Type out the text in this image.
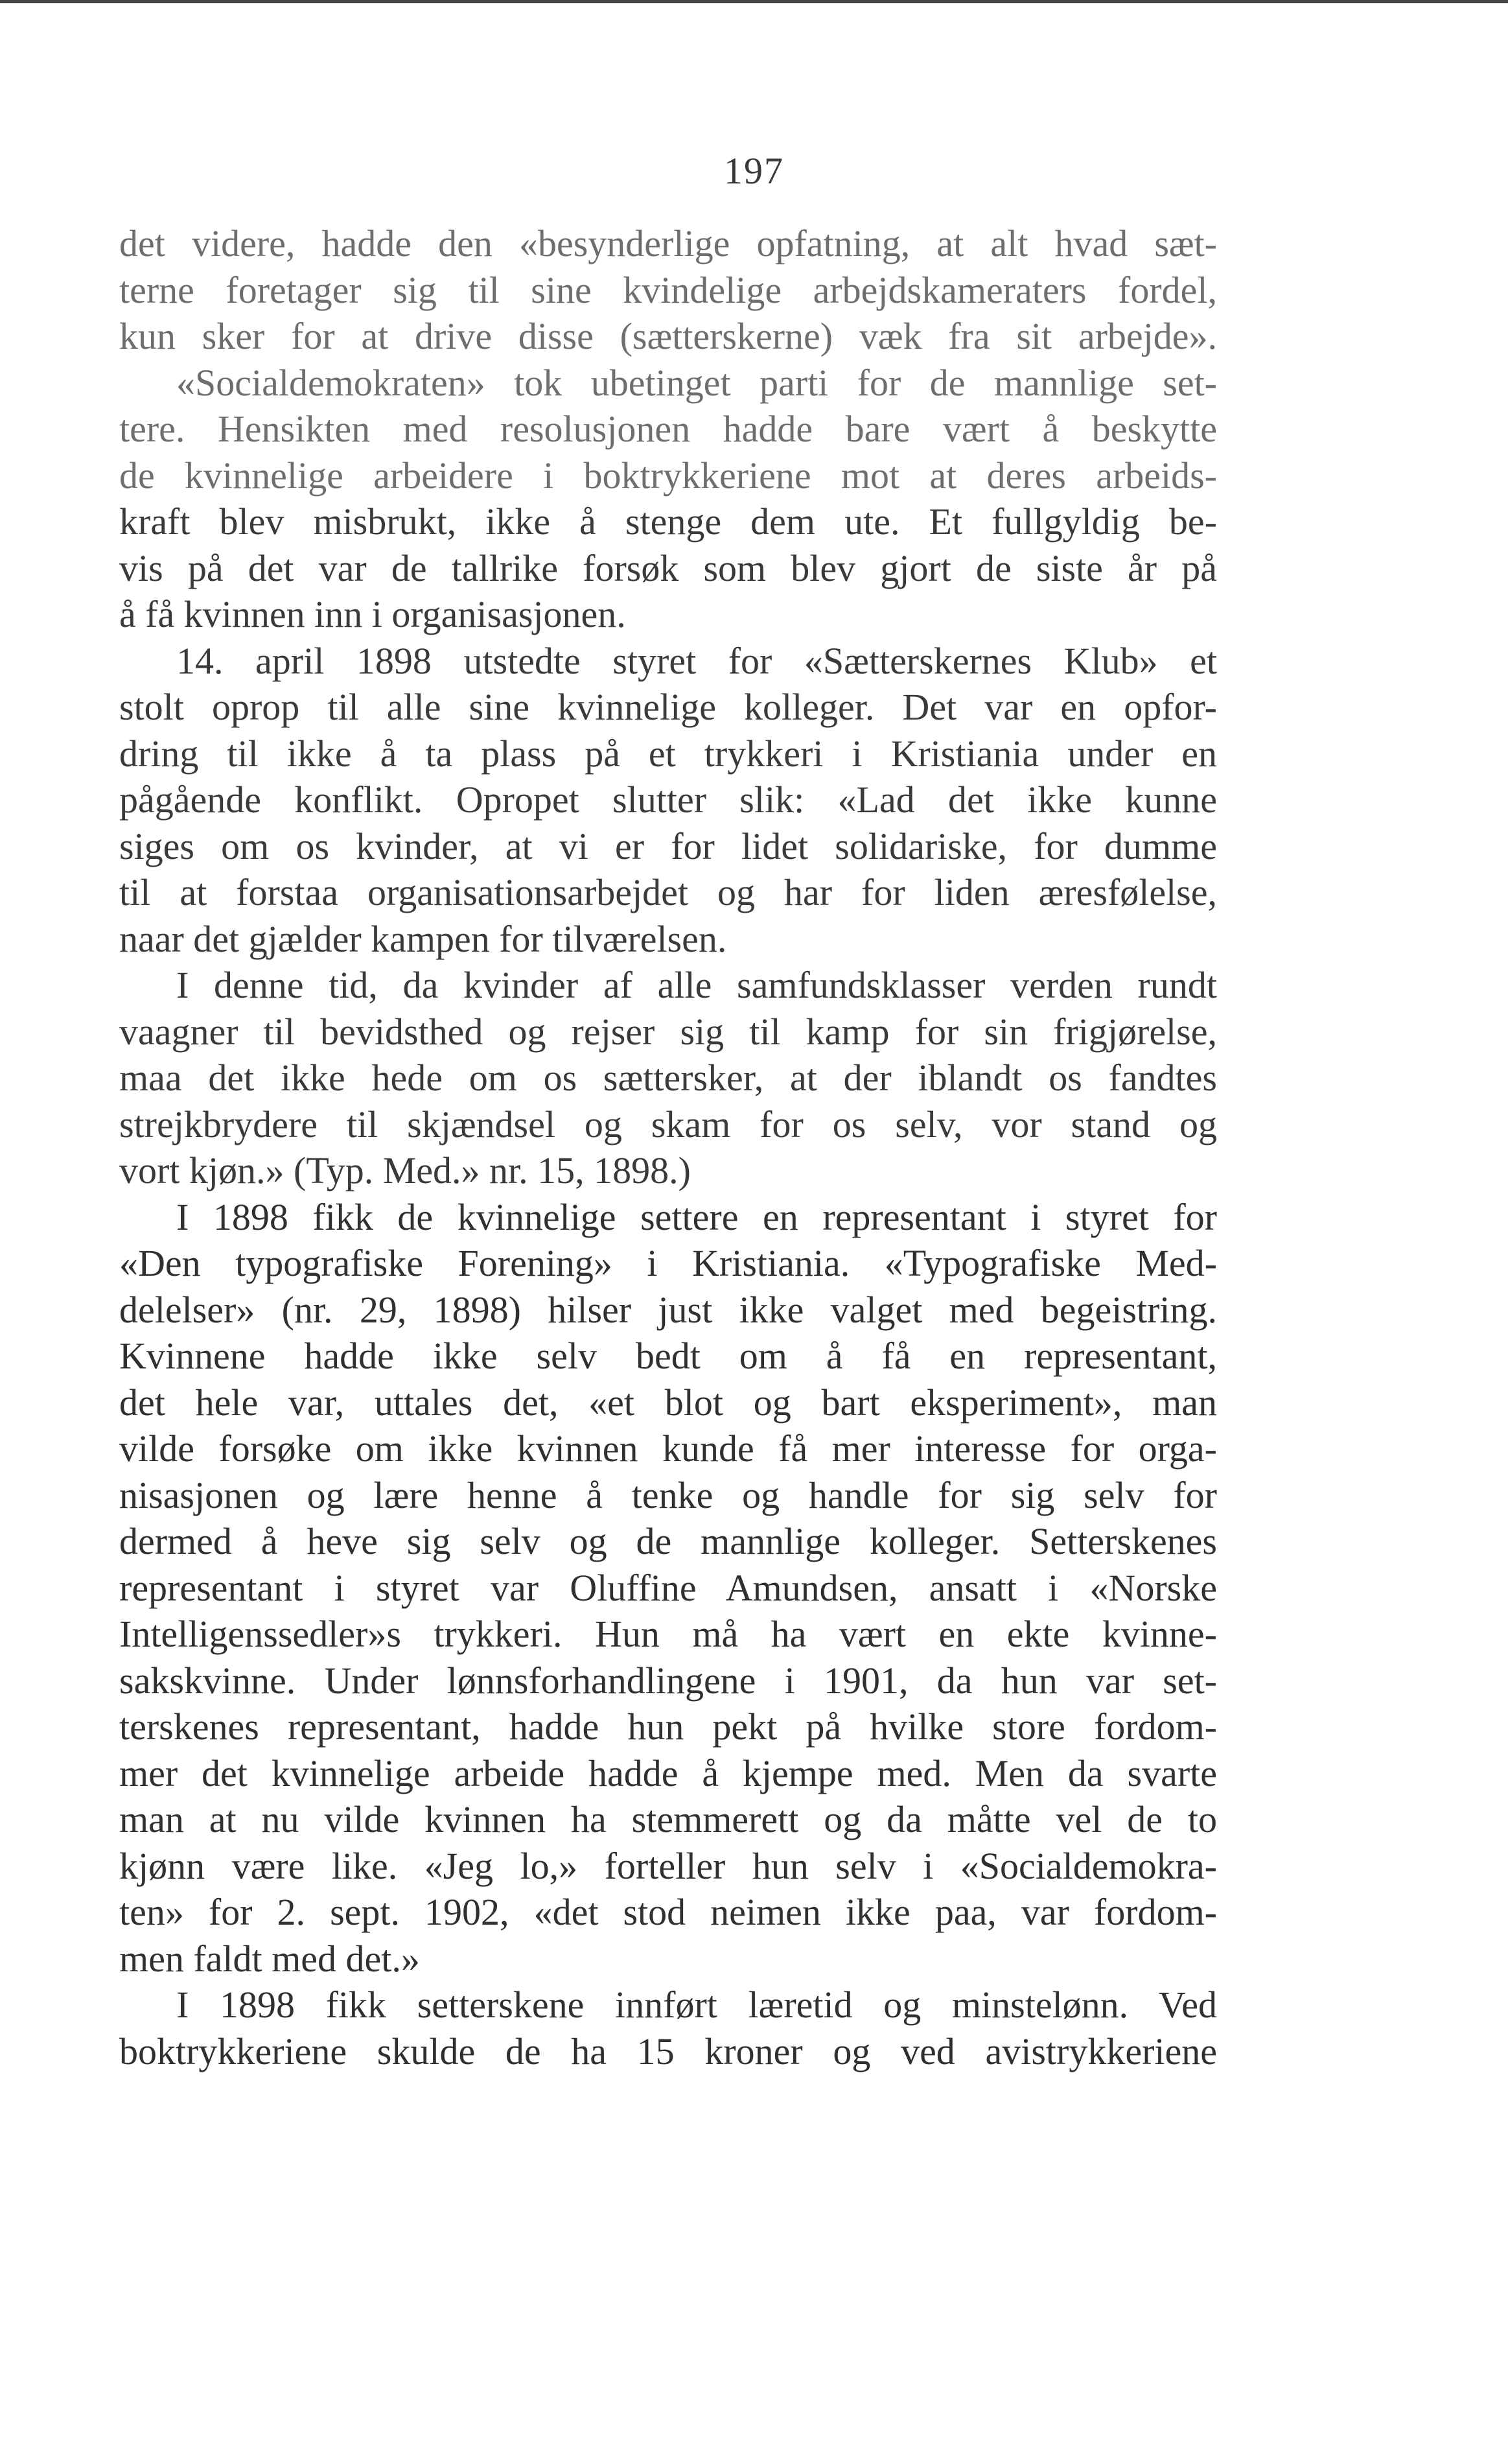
197
det videre, hadde den «besynderlige opfatning, at alt hvad sæt-
terne foretager sig til sine kvindelige arbejdskameraters fordel,
kun sker for at drive disse (sætterskerne) væk fra sit arbejde».
«Socialdemokraten» tok ubetinget parti for de mannlige set-
tere. Hensikten med resolusjonen hadde bare vært å beskytte
de kvinnelige arbeidere i boktrykkeriene mot at deres arbeids-
kraft blev misbrukt, ikke å stenge dem ute. Et fullgyldig be-
vis på det var de tallrike forsøk som blev gjort de siste år på
å få kvinnen inn i organisasjonen.
14. april 1898 utstedte styret for «Sætterskernes Klub» et
stolt oprop til alle sine kvinnelige kolleger. Det var en opfor-
dring til ikke å ta plass på et trykkeri i Kristiania under en
pågående konflikt. Opropet slutter slik: «Lad det ikke kunne
siges om os kvinder, at vi er for lidet solidariske, for dumme
til at forstaa organisationsarbejdet og har for liden æresfølelse,
naar det gjælder kampen for tilværelsen.
I denne tid, da kvinder af alle samfundsklasser verden rundt
vaagner til bevidsthed og rejser sig til kamp for sin frigjørelse,
maa det ikke hede om os sættersker, at der iblandt os fandtes
strejkbrydere til skjændsel og skam for os selv, vor stand og
vort kjøn.» (Typ. Med.» nr. 15, 1898.)
I 1898 fikk de kvinnelige settere en representant i styret for
«Den typografiske Forening» i Kristiania. «Typografiske Med-
delelser» (nr. 29, 1898) hilser just ikke valget med begeistring.
Kvinnene hadde ikke selv bedt om å få en representant,
det hele var, uttales det, «et blot og bart eksperiment», man
vilde forsøke om ikke kvinnen kunde få mer interesse for orga-
nisasjonen og lære henne å tenke og handle for sig selv for
dermed å heve sig selv og de mannlige kolleger. Setterskenes
representant i styret var Oluffine Amundsen, ansatt i «Norske
Intelligenssedler»s trykkeri. Hun må ha vært en ekte kvinne-
sakskvinne. Under lønnsforhandlingene i 1901, da hun var set-
terskenes representant, hadde hun pekt på hvilke store fordom-
mer det kvinnelige arbeide hadde å kjempe med. Men da svarte
man at nu vilde kvinnen ha stemmerett og da måtte vel de to
kjønn være like. «Jeg lo,» forteller hun selv i «Socialdemokra-
ten» for 2. sept. 1902, «det stod neimen ikke paa, var fordom-
men faldt med det.»
I 1898 fikk setterskene innført læretid og minstelønn. Ved
boktrykkeriene skulde de ha 15 kroner og ved avistrykkeriene
